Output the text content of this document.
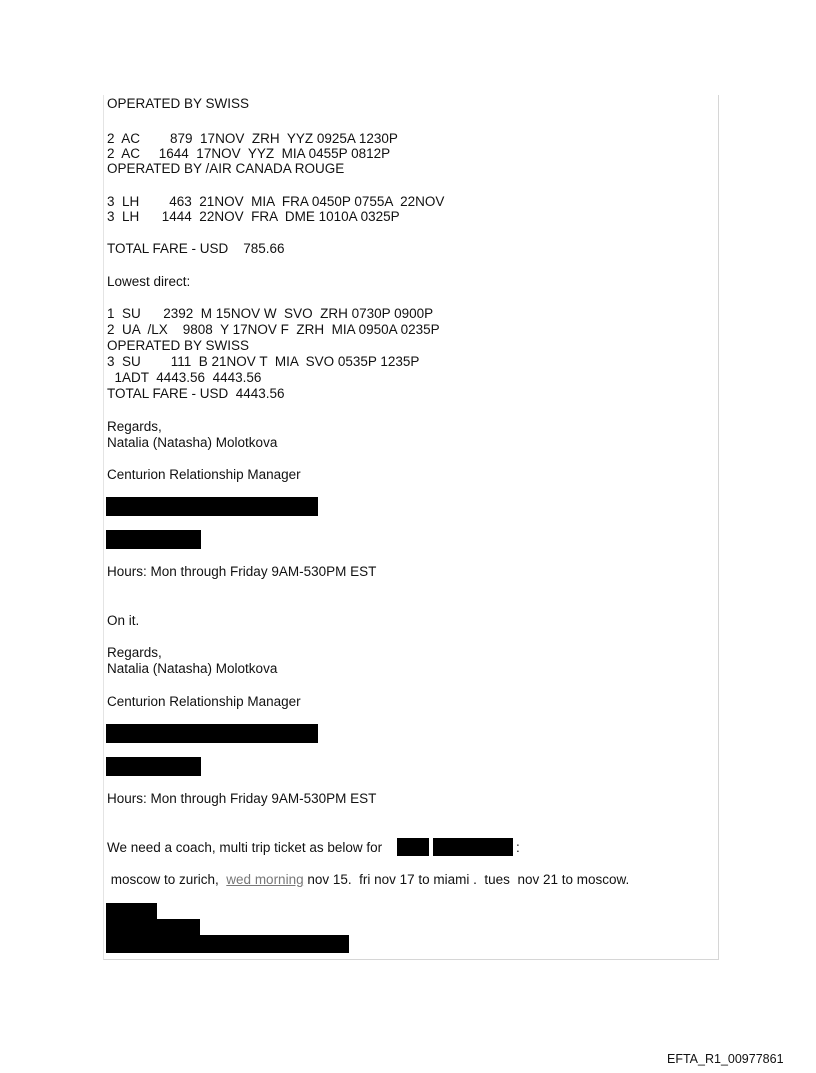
OPERATED BY SWISS
2  AC        879  17NOV  ZRH  YYZ 0925A 1230P
2  AC     1644  17NOV  YYZ  MIA 0455P 0812P
OPERATED BY /AIR CANADA ROUGE
3  LH        463  21NOV  MIA  FRA 0450P 0755A  22NOV
3  LH      1444  22NOV  FRA  DME 1010A 0325P
TOTAL FARE - USD    785.66
Lowest direct:
1  SU      2392  M 15NOV W  SVO  ZRH 0730P 0900P
2  UA  /LX    9808  Y 17NOV F  ZRH  MIA 0950A 0235P
OPERATED BY SWISS
3  SU        111  B 21NOV T  MIA  SVO 0535P 1235P
1ADT  4443.56  4443.56
TOTAL FARE - USD  4443.56
Regards,
Natalia (Natasha) Molotkova
Centurion Relationship Manager
Hours: Mon through Friday 9AM-530PM EST
On it.
Regards,
Natalia (Natasha) Molotkova
Centurion Relationship Manager
Hours: Mon through Friday 9AM-530PM EST
We need a coach, multi trip ticket as below for	:
moscow to zurich,  wed morning nov 15.  fri nov 17 to miami .  tues  nov 21 to moscow.
EFTA_R1_00977861
